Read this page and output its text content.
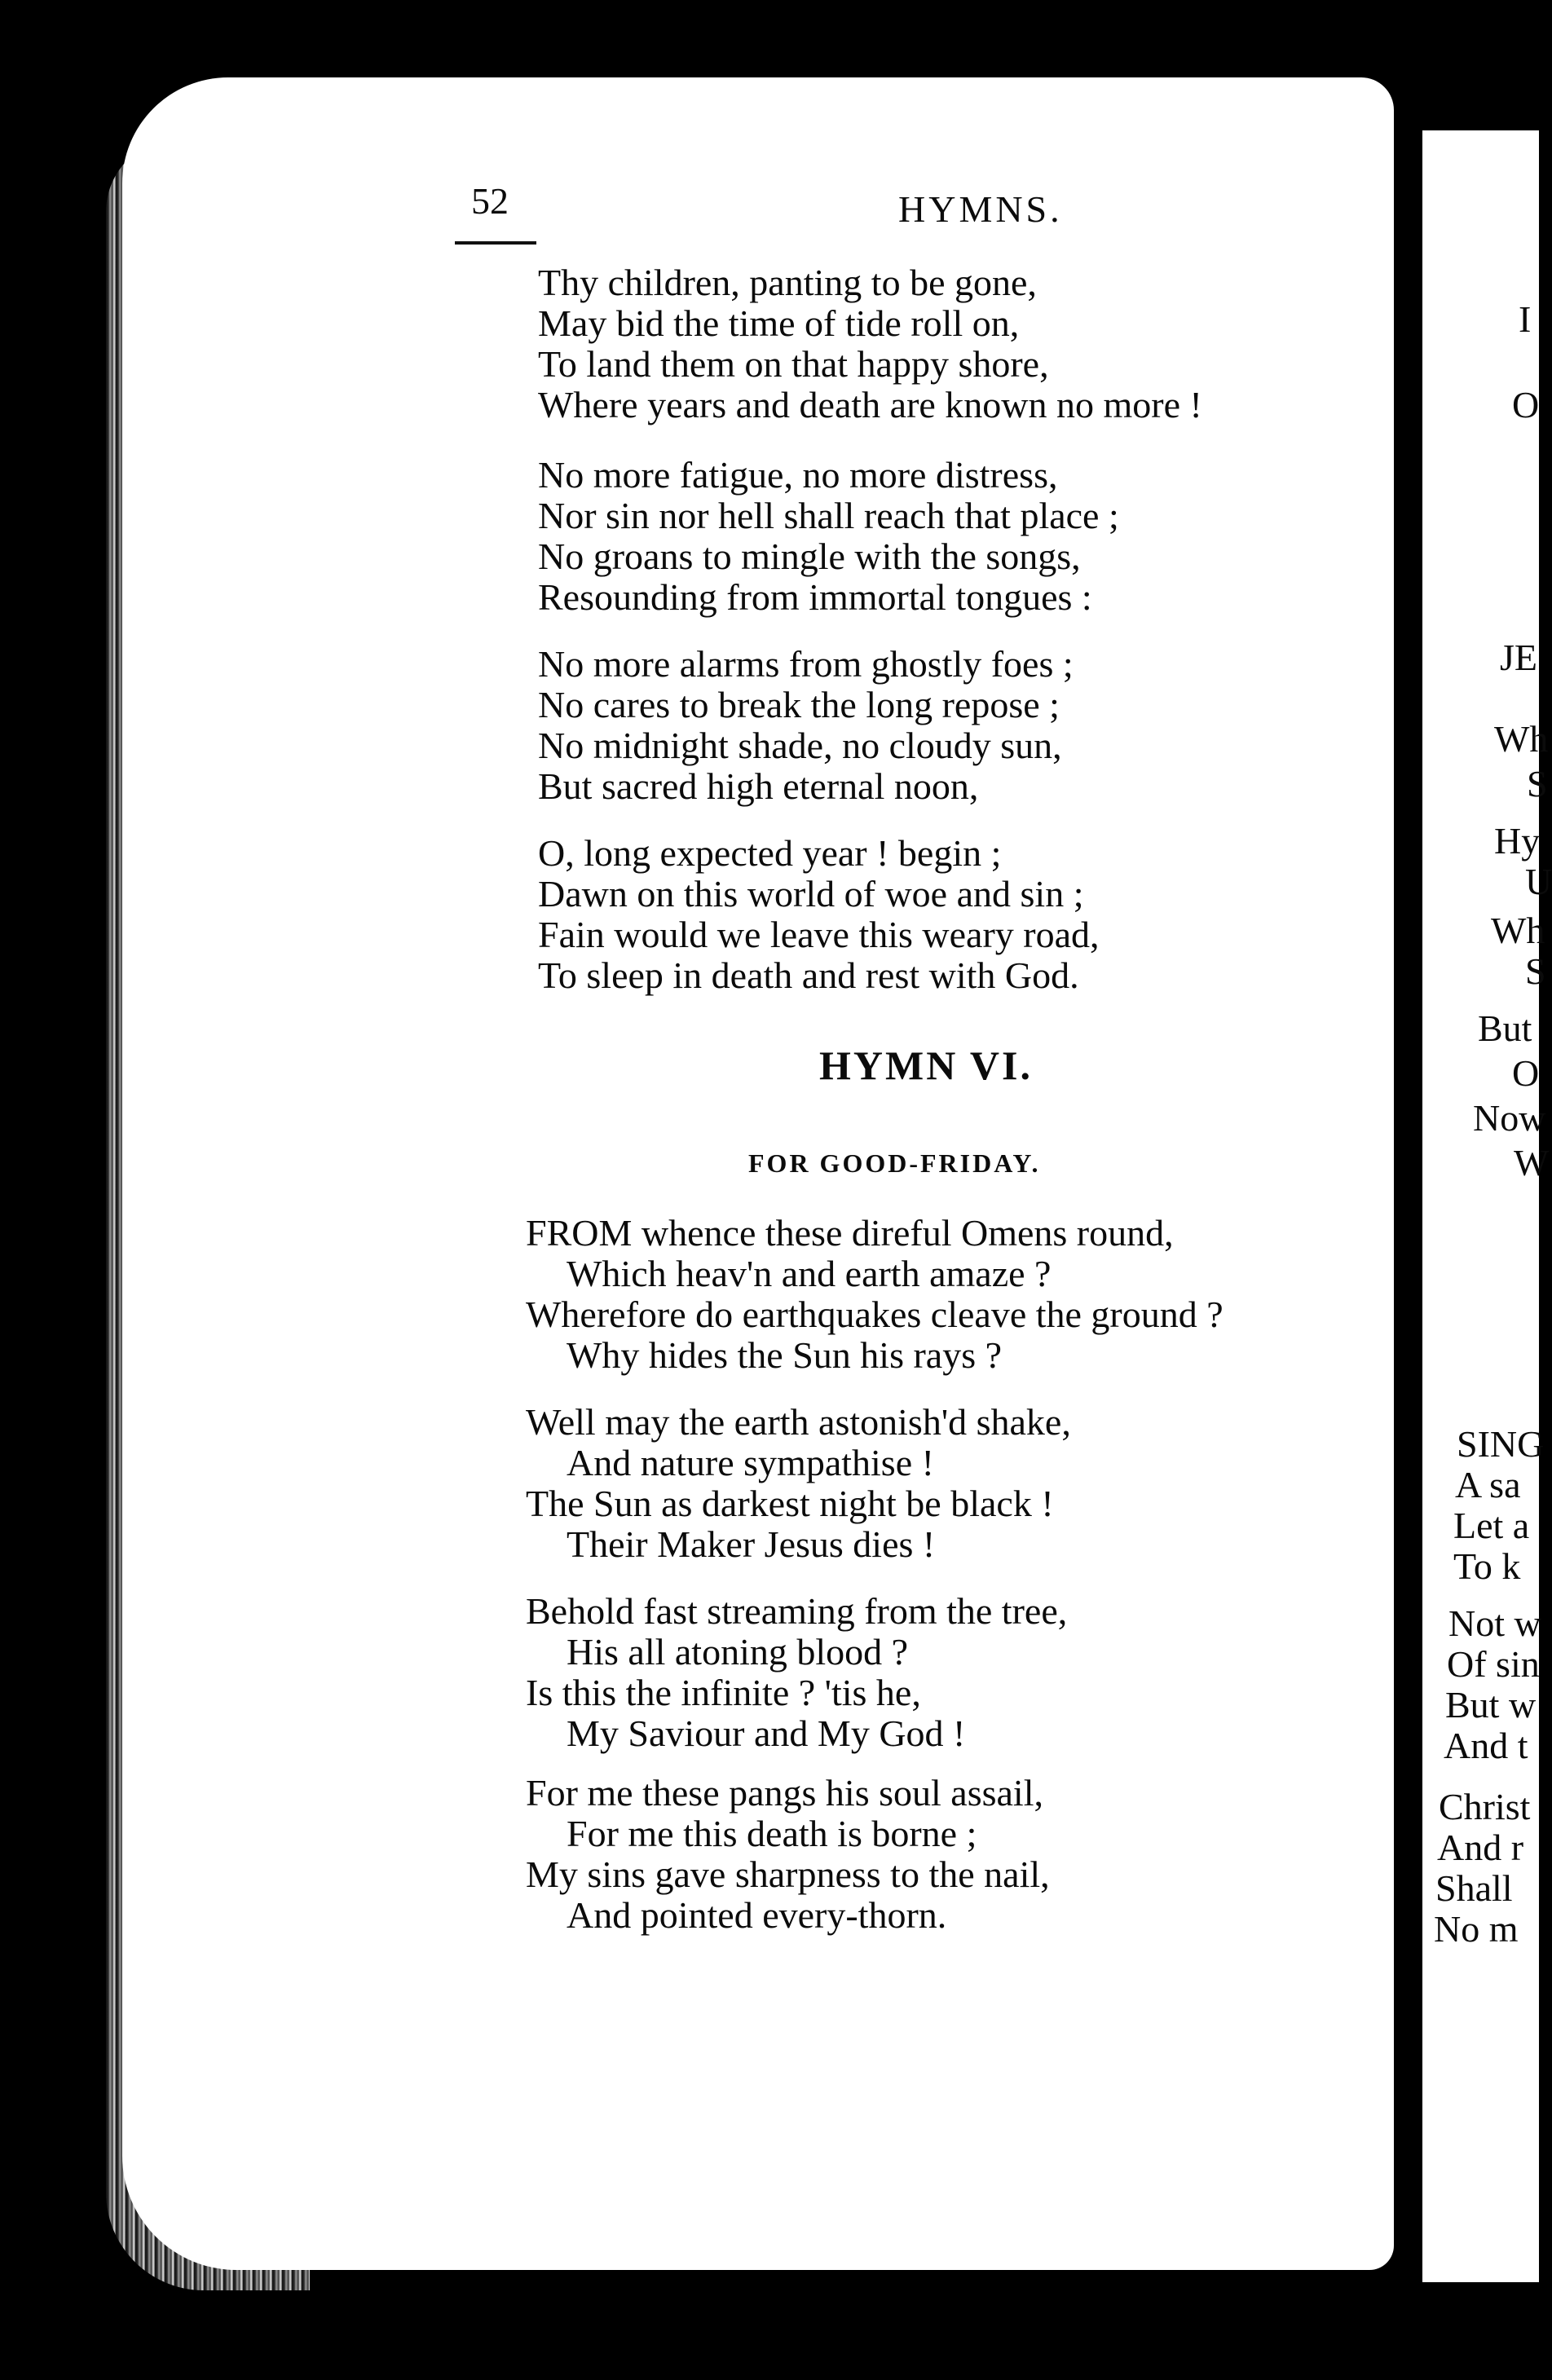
52	HYMNS.
Thy children, panting to be gone,
May bid the time of tide roll on,
To land them on that happy shore,
Where years and death are known no more !
No more fatigue, no more distress,
Nor sin nor hell shall reach that place ;
No groans to mingle with the songs,
Resounding from immortal tongues :
No more alarms from ghostly foes ;
No cares to break the long repose ;
No midnight shade, no cloudy sun,
But sacred high eternal noon,
O, long expected year ! begin ;
Dawn on this world of woe and sin ;
Fain would we leave this weary road,
To sleep in death and rest with God.
HYMN VI.
FOR GOOD-FRIDAY.
FROM whence these direful Omens round,
Which heav'n and earth amaze ?
Wherefore do earthquakes cleave the ground ?
Why hides the Sun his rays ?
Well may the earth astonish'd shake,
And nature sympathise !
The Sun as darkest night be black !
Their Maker Jesus dies !
Behold fast streaming from the tree,
His all atoning blood ?
Is this the infinite ? 'tis he,
My Saviour and My God !
For me these pangs his soul assail,
For me this death is borne ;
My sins gave sharpness to the nail,
And pointed every-thorn.
I
O
JE
Wh
S
Hy
U
Wh
S
But
O
Now
W
SING
A sa
Let a
To k
Not w
Of sin
But w
And t
Christ
And r
Shall
No m
